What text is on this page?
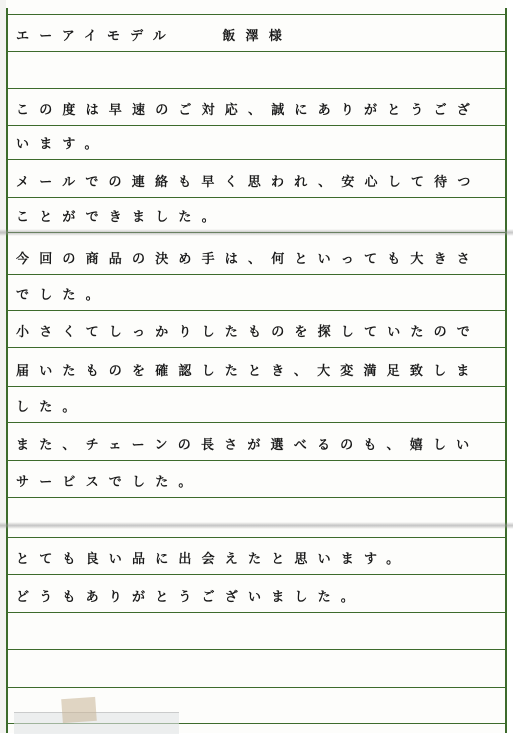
エーアイモデル　　飯澤様
この度は早速のご対応、誠にありがとうござ
います。
メールでの連絡も早く思われ、安心して待つ
ことができました。
今回の商品の決め手は、何といっても大きさ
でした。
小さくてしっかりしたものを探していたので
届いたものを確認したとき、大変満足致しま
した。
また、チェーンの長さが選べるのも、嬉しい
サービスでした。
とても良い品に出会えたと思います。
どうもありがとうございました。
